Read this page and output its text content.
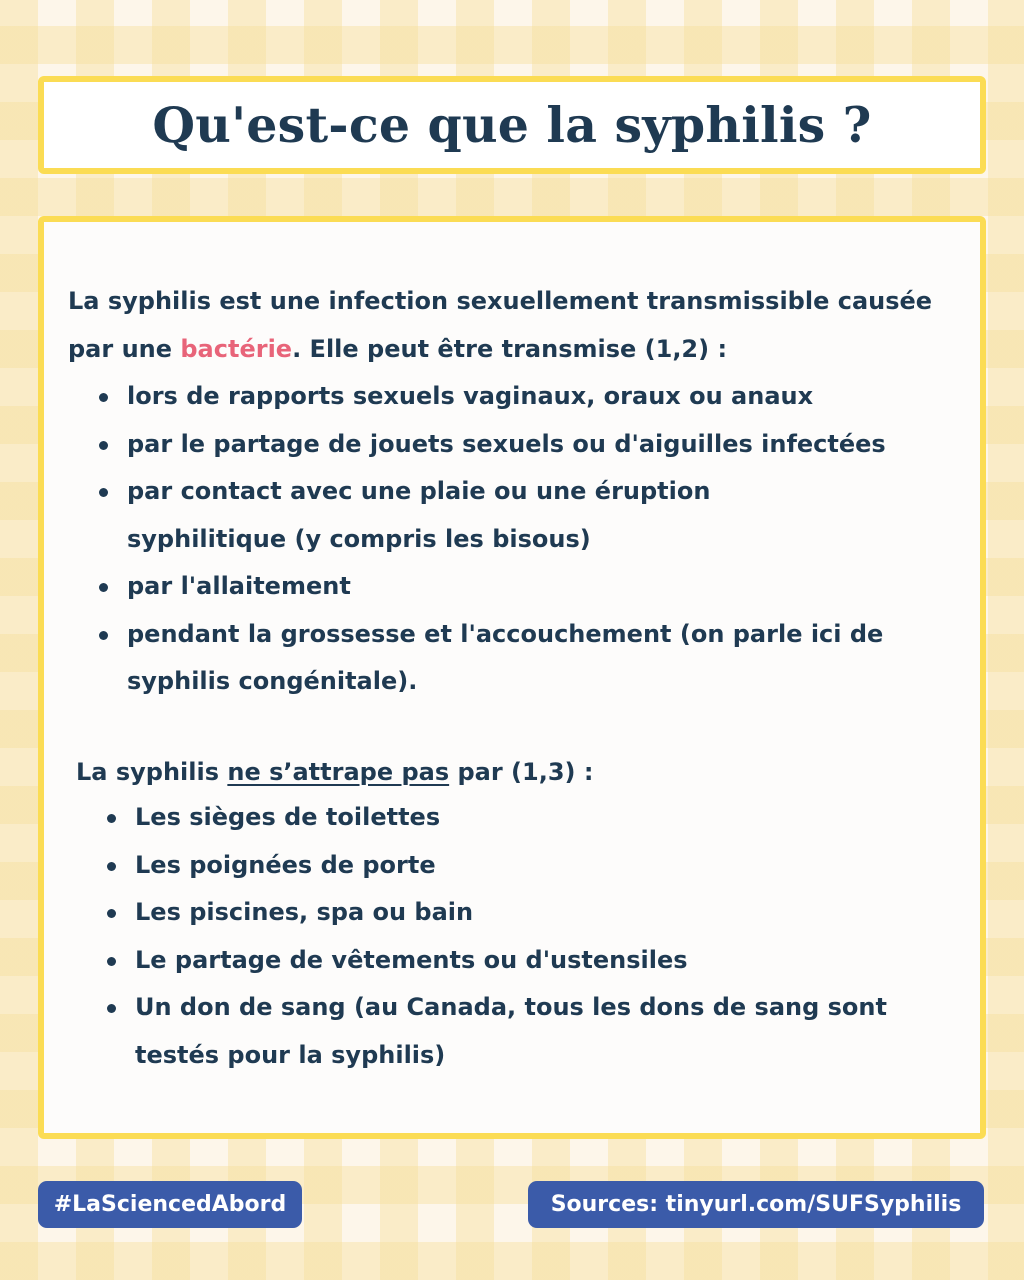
Qu'est-ce que la syphilis ?

La syphilis est une infection sexuellement transmissible causée par une bactérie. Elle peut être transmise (1,2) :

lors de rapports sexuels vaginaux, oraux ou anaux
par le partage de jouets sexuels ou d'aiguilles infectées
par contact avec une plaie ou une éruption syphilitique (y compris les bisous)
par l'allaitement
pendant la grossesse et l'accouchement (on parle ici de syphilis congénitale).

La syphilis ne s’attrape pas par (1,3) :

Les sièges de toilettes
Les poignées de porte
Les piscines, spa ou bain
Le partage de vêtements ou d'ustensiles
Un don de sang (au Canada, tous les dons de sang sont testés pour la syphilis)
#LaSciencedAbord	Sources: tinyurl.com/SUFSyphilis
